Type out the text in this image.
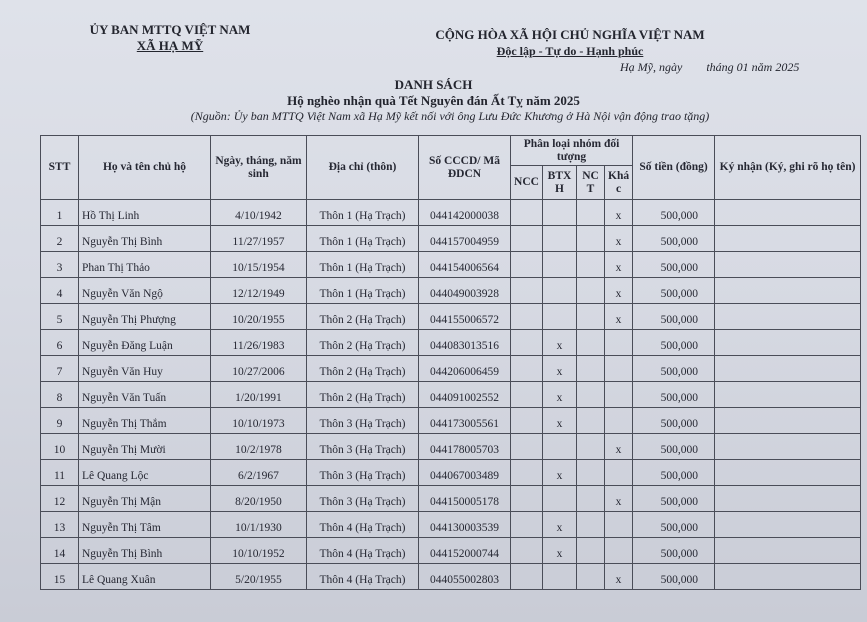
ỦY BAN MTTQ VIỆT NAM
XÃ HẠ MỸ
CỘNG HÒA XÃ HỘI CHỦ NGHĨA VIỆT NAM
Độc lập - Tự do - Hạnh phúc
Hạ Mỹ, ngày        tháng 01 năm 2025
DANH SÁCH
Hộ nghèo nhận quà Tết Nguyên đán Ất Tỵ năm 2025
(Nguồn: Ủy ban MTTQ Việt Nam xã Hạ Mỹ kết nối với ông Lưu Đức Khương ở Hà Nội vận động trao tặng)
STT	Họ và tên chủ hộ	Ngày, tháng, năm sinh	Địa chỉ (thôn)	Số CCCD/ Mã ĐDCN	Phân loại nhóm đối tượng				Số tiền (đồng)	Ký nhận (Ký, ghi rõ họ tên)
					NCC	BTX H	NC T	Khá c		
1	Hồ Thị Linh	4/10/1942	Thôn 1 (Hạ Trạch)	044142000038				x	500,000	
2	Nguyễn Thị Bình	11/27/1957	Thôn 1 (Hạ Trạch)	044157004959				x	500,000	
3	Phan Thị Thảo	10/15/1954	Thôn 1 (Hạ Trạch)	044154006564				x	500,000	
4	Nguyễn Văn Ngộ	12/12/1949	Thôn 1 (Hạ Trạch)	044049003928				x	500,000	
5	Nguyễn Thị Phượng	10/20/1955	Thôn 2 (Hạ Trạch)	044155006572				x	500,000	
6	Nguyễn Đăng Luận	11/26/1983	Thôn 2 (Hạ Trạch)	044083013516		x			500,000	
7	Nguyễn Văn Huy	10/27/2006	Thôn 2 (Hạ Trạch)	044206006459		x			500,000	
8	Nguyễn Văn Tuấn	1/20/1991	Thôn 2 (Hạ Trạch)	044091002552		x			500,000	
9	Nguyễn Thị Thắm	10/10/1973	Thôn 3 (Hạ Trạch)	044173005561		x			500,000	
10	Nguyễn Thị Mười	10/2/1978	Thôn 3 (Hạ Trạch)	044178005703				x	500,000	
11	Lê Quang Lộc	6/2/1967	Thôn 3 (Hạ Trạch)	044067003489		x			500,000	
12	Nguyễn Thị Mận	8/20/1950	Thôn 3 (Hạ Trạch)	044150005178				x	500,000	
13	Nguyễn Thị Tâm	10/1/1930	Thôn 4 (Hạ Trạch)	044130003539		x			500,000	
14	Nguyễn Thị Bình	10/10/1952	Thôn 4 (Hạ Trạch)	044152000744		x			500,000	
15	Lê Quang Xuân	5/20/1955	Thôn 4 (Hạ Trạch)	044055002803				x	500,000	
